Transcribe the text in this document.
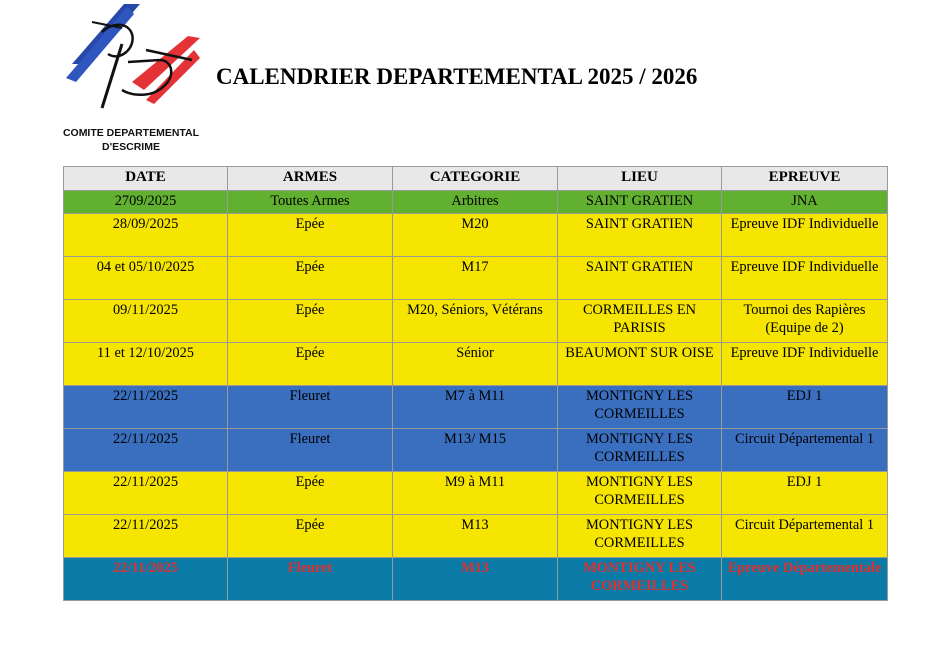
COMITE DEPARTEMENTAL
D'ESCRIME
CALENDRIER DEPARTEMENTAL 2025 / 2026
DATE	ARMES	CATEGORIE	LIEU	EPREUVE
2709/2025	Toutes Armes	Arbitres	SAINT GRATIEN	JNA
28/09/2025	Epée	M20	SAINT GRATIEN	Epreuve IDF Individuelle
04 et 05/10/2025	Epée	M17	SAINT GRATIEN	Epreuve IDF Individuelle
09/11/2025	Epée	M20, Séniors, Vétérans	CORMEILLES EN PARISIS	Tournoi des Rapières (Equipe de 2)
11 et 12/10/2025	Epée	Sénior	BEAUMONT SUR OISE	Epreuve IDF Individuelle
22/11/2025	Fleuret	M7 à M11	MONTIGNY LES CORMEILLES	EDJ 1
22/11/2025	Fleuret	M13/ M15	MONTIGNY LES CORMEILLES	Circuit Départemental 1
22/11/2025	Epée	M9 à M11	MONTIGNY LES CORMEILLES	EDJ 1
22/11/2025	Epée	M13	MONTIGNY LES CORMEILLES	Circuit Départemental 1
22/11/2025	Fleuret	M13	MONTIGNY LES CORMEILLES	Epreuve Départementale
